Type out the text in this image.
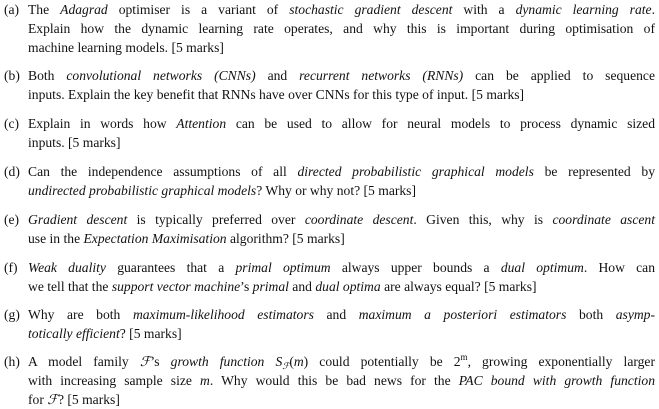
(a) The Adagrad optimiser is a variant of stochastic gradient descent with a dynamic learning rate.
Explain how the dynamic learning rate operates, and why this is important during optimisation of
machine learning models. [5 marks]
(b) Both convolutional networks (CNNs) and recurrent networks (RNNs) can be applied to sequence
inputs. Explain the key benefit that RNNs have over CNNs for this type of input. [5 marks]
(c) Explain in words how Attention can be used to allow for neural models to process dynamic sized
inputs. [5 marks]
(d) Can the independence assumptions of all directed probabilistic graphical models be represented by
undirected probabilistic graphical models? Why or why not? [5 marks]
(e) Gradient descent is typically preferred over coordinate descent. Given this, why is coordinate ascent
use in the Expectation Maximisation algorithm? [5 marks]
(f) Weak duality guarantees that a primal optimum always upper bounds a dual optimum. How can
we tell that the support vector machine’s primal and dual optima are always equal? [5 marks]
(g) Why are both maximum-likelihood estimators and maximum a posteriori estimators both asymp-
totically efficient? [5 marks]
(h) A model family ℱ’s growth function $S_ℱ(m)$ could potentially be 2$^m$, growing exponentially larger
with increasing sample size m. Why would this be bad news for the PAC bound with growth function
for ℱ? [5 marks]
